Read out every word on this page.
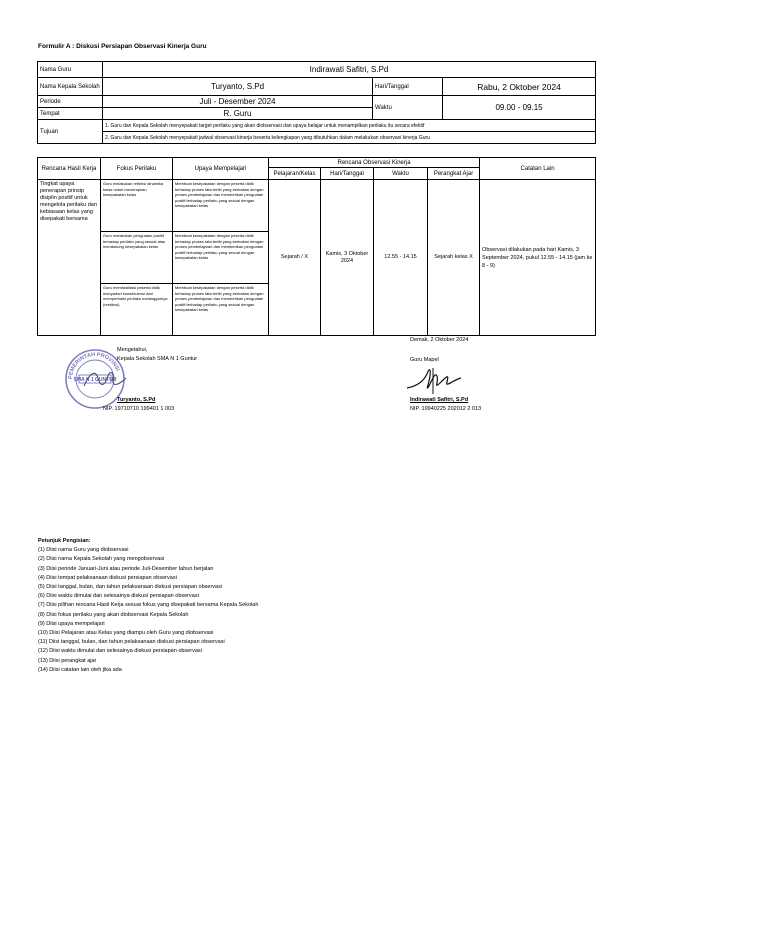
Formulir A : Diskusi Persiapan Observasi Kinerja Guru
Nama Guru	Indirawati Safitri, S.Pd		
Nama Kepala Sekolah	Turyanto, S.Pd	Hari/Tanggal	Rabu, 2 Oktober 2024
Periode	Juli - Desember 2024	Waktu	09.00 - 09.15
Tempat	R. Guru		
Tujuan	1. Guru dan Kepala Sekolah menyepakati target perilaku yang akan diobservasi dan upaya belajar untuk menampilkan perilaku itu secara efektif		
	2. Guru dan Kepala Sekolah menyepakati jadwal observasi kinerja beserta kelengkapan yang dibutuhkan dalam melakukan observasi kinerja Guru		
Rencana Hasil Kerja	Fokus Perilaku	Upaya Mempelajari	Rencana Observasi Kinerja				Catatan Lain
			Pelajaran/Kelas	Hari/Tanggal	Waktu	Perangkat Ajar	
Tingkat upaya penerapan prinsip disiplin positif untuk mengelola perilaku dan kebiasaan kelas yang disepakati bersama	Guru melakukan refleksi dinamika kelas untuk menerapkan kesepakatan kelas	Membuat kesepakatan dengan peserta didik terhadap proses tata tertib yang berkaitan dengan proses pembelajaran dan memberikan penguatan positif terhadap perilaku yang sesuai dengan kesepakatan kelas	Sejarah / X	Kamis, 3 Oktober 2024	12.55 - 14.15	Sejarah kelas X	Observasi dilakukan pada hari Kamis, 3 September 2024, pukul 12.55 - 14.15 (jam ke 8 - 9)
	Guru melakukan penguatan positif terhadap perilaku yang sesuai atau mendukung kesepakatan kelas	Membuat kesepakatan dengan peserta didik terhadap proses tata tertib yang berkaitan dengan proses pembelajaran dan memberikan penguatan positif terhadap perilaku yang sesuai dengan kesepakatan kelas					
	Guru memfasilitasi peserta didik menyadari konsekuensi dari memperbaiki perilaku melanggarnya (restitusi)	Membuat kesepakatan dengan peserta didik terhadap proses tata tertib yang berkaitan dengan proses pembelajaran dan memberikan penguatan positif terhadap perilaku yang sesuai dengan kesepakatan kelas					
Demak, 2 Oktober 2024
PEMERINTAH PROVINSI
SMA N 1 GUNTUR
Mengetahui,
Kepala Sekolah SMA N 1 Guntur
Turyanto, S.Pd
NIP. 19710710 199401 1 003
Guru Mapel
Indirawati Safitri, S.Pd
NIP. 19940225 202012 2 013
Petunjuk Pengisian:
(1) Diisi nama Guru yang diobservasi
(2) Diisi nama Kepala Sekolah yang mengobservasi
(3) Diisi periode Januari-Juni atau periode Juli-Desember tahun berjalan
(4) Diisi tempat pelaksanaan diskusi persiapan observasi
(5) Diisi tanggal, bulan, dan tahun pelaksanaan diskusi persiapan observasi
(6) Diisi waktu dimulai dan selesainya diskusi persiapan observasi
(7) Diisi pilihan rencana Hasil Kerja sesuai fokus yang disepakati bersama Kepala Sekolah
(8) Diisi fokus perilaku yang akan diobservasi Kepala Sekolah
(9) Diisi upaya mempelajari
(10) Diisi Pelajaran atau Kelas yang diampu oleh Guru yang diobservasi
(11) Diisi tanggal, bulan, dan tahun pelaksanaan diskusi persiapan observasi
(12) Diisi waktu dimulai dan selesainya diskusi persiapan observasi
(13) Diisi perangkat ajar
(14) Diisi catatan lain oleh jika ada
